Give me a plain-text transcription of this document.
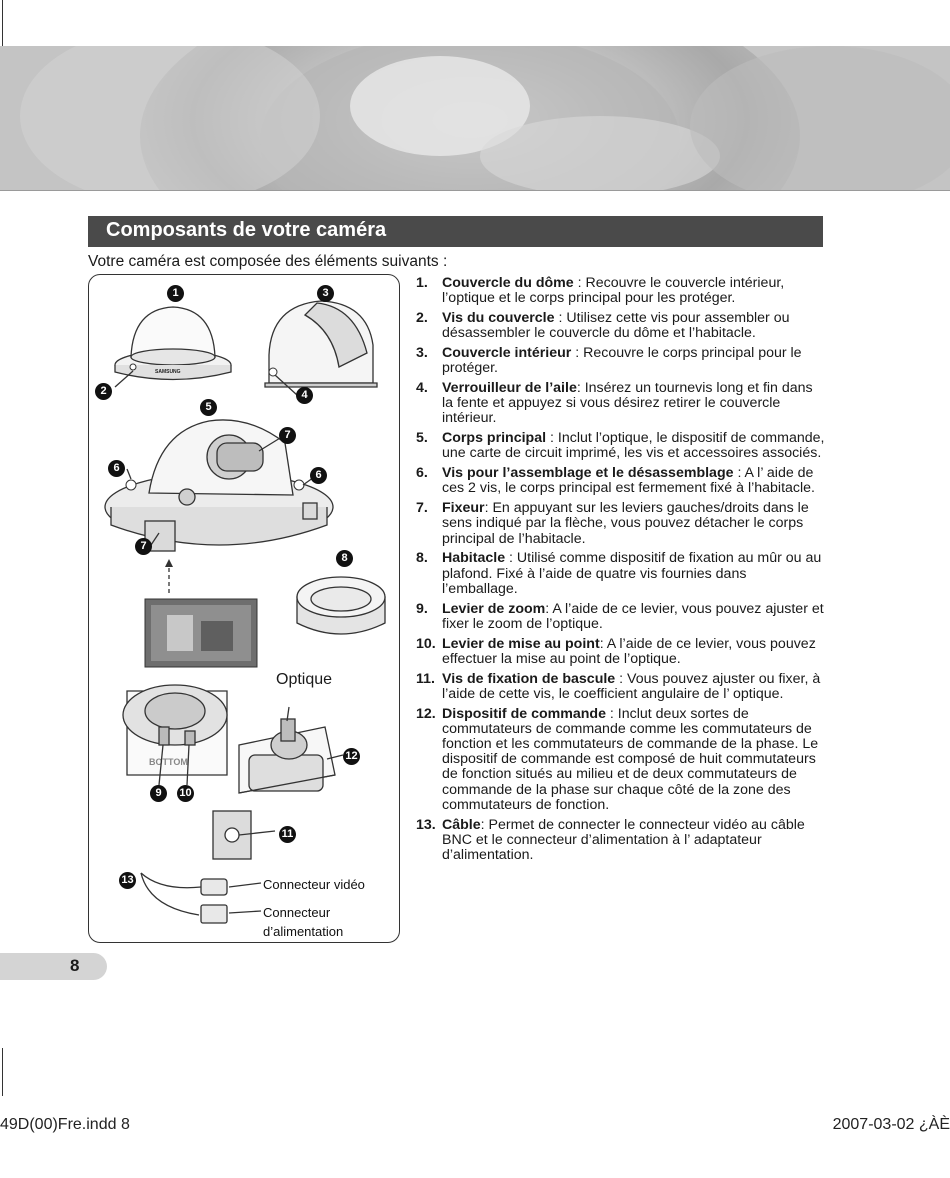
Composants de votre caméra
Votre caméra est composée des éléments suivants :
BOTTOM
SAMSUNG
1
2
3
4
5
6
6
7
7
8
9	10
11
12
13	Connecteur vidéo
Connecteur
d’alimentation
Optique
1. Couvercle du dôme : Recouvre le couvercle intérieur, l’optique et le corps principal pour les protéger.
2. Vis du couvercle : Utilisez cette vis pour assembler ou désassembler le couvercle du dôme et l’habitacle.
3. Couvercle intérieur : Recouvre le corps principal pour le protéger.
4. Verrouilleur de l’aile: Insérez un tournevis long et fin dans la fente et appuyez si vous désirez retirer le couvercle intérieur.
5. Corps principal : Inclut l’optique, le dispositif de commande, une carte de circuit imprimé, les vis et accessoires associés.
6. Vis pour l’assemblage et le désassemblage : A l’ aide de ces 2 vis, le corps principal est fermement fixé à l’habitacle.
7. Fixeur: En appuyant sur les leviers gauches/droits dans le sens indiqué par la flèche, vous pouvez détacher le corps principal de l’habitacle.
8. Habitacle : Utilisé comme dispositif de fixation au mûr ou au plafond. Fixé à l’aide de quatre vis fournies dans l’emballage.
9. Levier de zoom: A l’aide de ce levier, vous pouvez ajuster et fixer le zoom de l’optique.
10. Levier de mise au point: A l’aide de ce levier, vous pouvez effectuer la mise au point de l’optique.
11. Vis de fixation de bascule : Vous pouvez ajuster ou fixer, à l’aide de cette vis, le coefficient angulaire de l’ optique.
12. Dispositif de commande : Inclut deux sortes de commutateurs de commande comme les commutateurs de fonction et les commutateurs de commande de la phase. Le dispositif de commande est composé de huit commutateurs de fonction situés au milieu et de deux commutateurs de commande de la phase sur chaque côté de la zone des commutateurs de fonction.
13. Câble: Permet de connecter le connecteur vidéo au câble BNC et le connecteur d’alimentation à l’ adaptateur d’alimentation.
8
49D(00)Fre.indd 8	2007-03-02 ¿ÀÈ
